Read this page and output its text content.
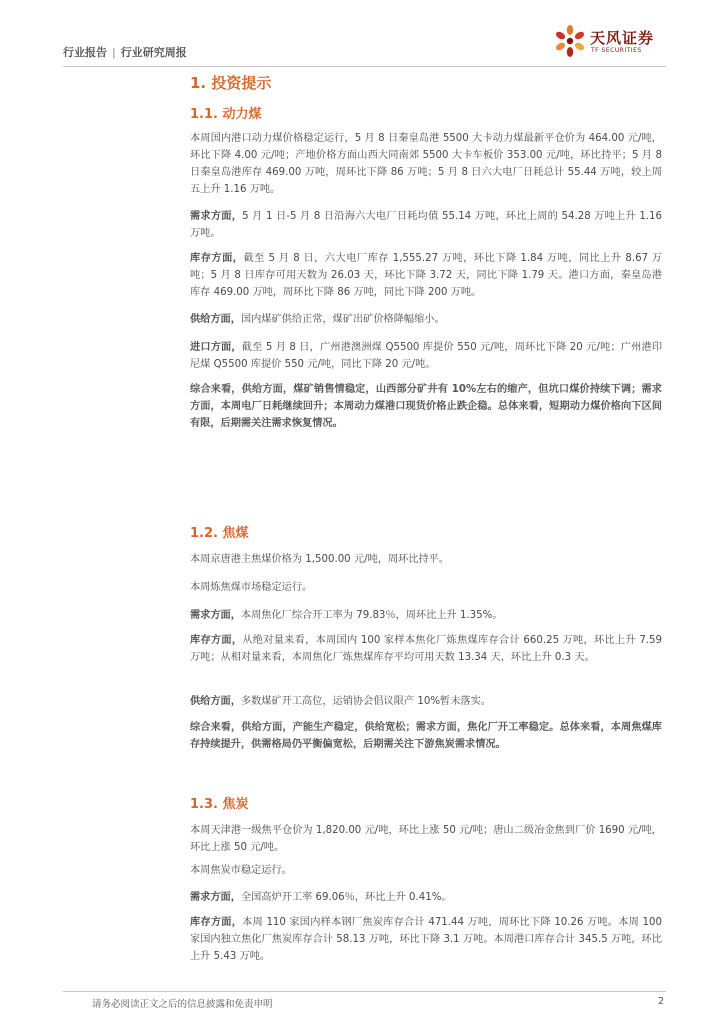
行业报告 | 行业研究周报
天风证券
TF SECURITIES
1. 投资提示
1.1. 动力煤
本周国内港口动力煤价格稳定运行，5 月 8 日秦皇岛港 5500 大卡动力煤最新平仓价为 464.00 元/吨，环比下降 4.00 元/吨；产地价格方面山西大同南郊 5500 大卡车板价 353.00 元/吨，环比持平；5 月 8 日秦皇岛港库存 469.00 万吨，周环比下降 86 万吨；5 月 8 日六大电厂日耗总计 55.44 万吨，较上周五上升 1.16 万吨。
需求方面，5 月 1 日-5 月 8 日沿海六大电厂日耗均值 55.14 万吨，环比上周的 54.28 万吨上升 1.16 万吨。
库存方面，截至 5 月 8 日，六大电厂库存 1,555.27 万吨，环比下降 1.84 万吨，同比上升 8.67 万吨；5 月 8 日库存可用天数为 26.03 天，环比下降 3.72 天，同比下降 1.79 天。港口方面，秦皇岛港库存 469.00 万吨，周环比下降 86 万吨，同比下降 200 万吨。
供给方面，国内煤矿供给正常，煤矿出矿价格降幅缩小。
进口方面，截至 5 月 8 日，广州港澳洲煤 Q5500 库提价 550 元/吨，周环比下降 20 元/吨；广州港印尼煤 Q5500 库提价 550 元/吨，同比下降 20 元/吨。
综合来看，供给方面，煤矿销售情稳定，山西部分矿井有 10%左右的缩产，但坑口煤价持续下调；需求方面，本周电厂日耗继续回升；本周动力煤港口现货价格止跌企稳。总体来看，短期动力煤价格向下区间有限，后期需关注需求恢复情况。
1.2. 焦煤
本周京唐港主焦煤价格为 1,500.00 元/吨，周环比持平。
本周炼焦煤市场稳定运行。
需求方面，本周焦化厂综合开工率为 79.83％，周环比上升 1.35%。
库存方面，从绝对量来看，本周国内 100 家样本焦化厂炼焦煤库存合计 660.25 万吨，环比上升 7.59 万吨；从相对量来看，本周焦化厂炼焦煤库存平均可用天数 13.34 天，环比上升 0.3 天。
供给方面，多数煤矿开工高位，运销协会倡议限产 10%暂未落实。
综合来看，供给方面，产能生产稳定，供给宽松；需求方面，焦化厂开工率稳定。总体来看，本周焦煤库存持续提升，供需格局仍平衡偏宽松，后期需关注下游焦炭需求情况。
1.3. 焦炭
本周天津港一级焦平仓价为 1,820.00 元/吨，环比上涨 50 元/吨；唐山二级冶金焦到厂价 1690 元/吨，环比上涨 50 元/吨。
本周焦炭市稳定运行。
需求方面，全国高炉开工率 69.06％，环比上升 0.41%。
库存方面，本周 110 家国内样本钢厂焦炭库存合计 471.44 万吨，周环比下降 10.26 万吨。本周 100 家国内独立焦化厂焦炭库存合计 58.13 万吨，环比下降 3.1 万吨。本周港口库存合计 345.5 万吨，环比上升 5.43 万吨。
请务必阅读正文之后的信息披露和免责申明	2
